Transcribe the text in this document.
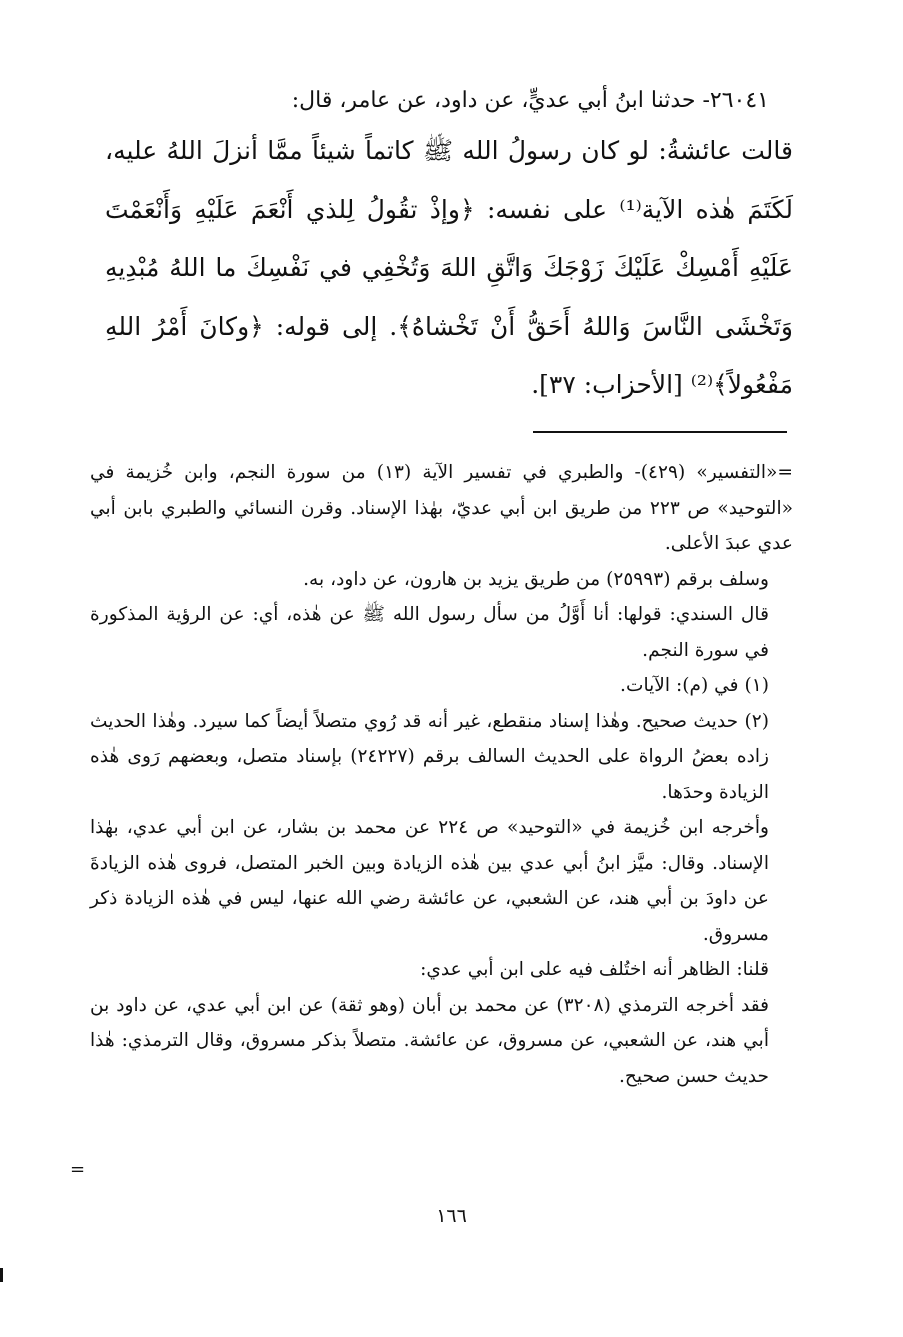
٢٦٠٤١- حدثنا ابنُ أبي عديٍّ، عن داود، عن عامر، قال:

قالت عائشةُ: لو كان رسولُ الله ﷺ كاتماً شيئاً ممَّا أنزلَ اللهُ عليه، لَكَتَمَ هٰذه الآية⁽¹⁾ على نفسه: ﴿وإذْ تقُولُ لِلذي أَنْعَمَ عَلَيْهِ وَأَنْعَمْتَ عَلَيْهِ أَمْسِكْ عَلَيْكَ زَوْجَكَ وَاتَّقِ اللهَ وَتُخْفِي في نَفْسِكَ ما اللهُ مُبْدِيهِ وَتَخْشَى النَّاسَ وَاللهُ أَحَقُّ أَنْ تَخْشاهُ﴾. إلى قوله: ﴿وكانَ أَمْرُ اللهِ مَفْعُولاً﴾⁽²⁾ [الأحزاب: ٣٧].

=«التفسير» (٤٢٩)- والطبري في تفسير الآية (١٣) من سورة النجم، وابن خُزيمة في «التوحيد» ص ٢٢٣ من طريق ابن أبي عديّ، بهٰذا الإسناد. وقرن النسائي والطبري بابن أبي عدي عبدَ الأعلى.

وسلف برقم (٢٥٩٩٣) من طريق يزيد بن هارون، عن داود، به.

قال السندي: قولها: أنا أَوَّلُ من سأل رسول الله ﷺ عن هٰذه، أي: عن الرؤية المذكورة في سورة النجم.

(١) في (م): الآيات.

(٢) حديث صحيح. وهٰذا إسناد منقطع، غير أنه قد رُوي متصلاً أيضاً كما سيرد. وهٰذا الحديث زاده بعضُ الرواة على الحديث السالف برقم (٢٤٢٢٧) بإسناد متصل، وبعضهم رَوى هٰذه الزيادة وحدَها.

وأخرجه ابن خُزيمة في «التوحيد» ص ٢٢٤ عن محمد بن بشار، عن ابن أبي عدي، بهٰذا الإسناد. وقال: ميَّز ابنُ أبي عدي بين هٰذه الزيادة وبين الخبر المتصل، فروى هٰذه الزيادةَ عن داودَ بن أبي هند، عن الشعبي، عن عائشة رضي الله عنها، ليس في هٰذه الزيادة ذكر مسروق.

قلنا: الظاهر أنه اختُلف فيه على ابن أبي عدي:

فقد أخرجه الترمذي (٣٢٠٨) عن محمد بن أبان (وهو ثقة) عن ابن أبي عدي، عن داود بن أبي هند، عن الشعبي، عن مسروق، عن عائشة. متصلاً بذكر مسروق، وقال الترمذي: هٰذا حديث حسن صحيح.

=
١٦٦
